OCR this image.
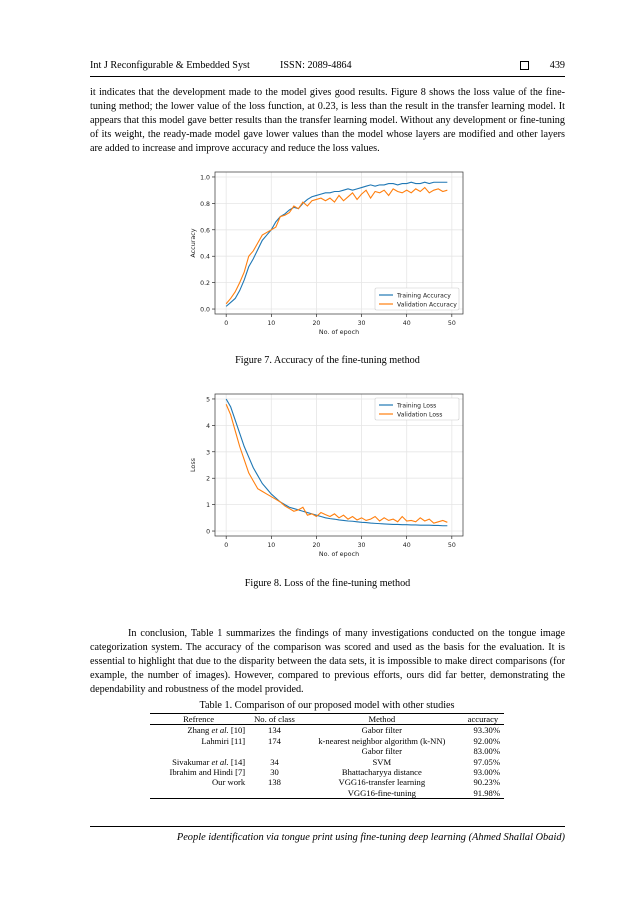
Int J Reconfigurable & Embedded Syst	ISSN: 2089-4864	439
it indicates that the development made to the model gives good results. Figure 8 shows the loss value of the fine-tuning method; the lower value of the loss function, at 0.23, is less than the result in the transfer learning model. It appears that this model gave better results than the transfer learning model. Without any development or fine-tuning of its weight, the ready-made model gave lower values than the model whose layers are modified and other layers are added to increase and improve accuracy and reduce the loss values.
0.0
0.2
0.4
0.6
0.8
1.0
0	10	20	30	40	50
No. of epoch
Accuracy
Training Accuracy
Validation Accuracy
Figure 7. Accuracy of the fine-tuning method
0
1
2
3
4
5
0	10	20	30	40	50
No. of epoch
Loss
Training Loss
Validation Loss
Figure 8. Loss of the fine-tuning method
In conclusion, Table 1 summarizes the findings of many investigations conducted on the tongue image categorization system. The accuracy of the comparison was scored and used as the basis for the evaluation. It is essential to highlight that due to the disparity between the data sets, it is impossible to make direct comparisons (for example, the number of images). However, compared to previous efforts, ours did far better, demonstrating the dependability and robustness of the model provided.
Table 1. Comparison of our proposed model with other studies
Refrence	No. of class	Method	accuracy
Zhang et al. [10]	134	Gabor filter	93.30%
Lahmiri [11]	174	k-nearest neighbor algorithm (k-NN)	92.00%
		Gabor filter	83.00%
Sivakumar et al. [14]	34	SVM	97.05%
Ibrahim and Hindi [7]	30	Bhattacharyya distance	93.00%
Our work	138	VGG16-transfer learning	90.23%
		VGG16-fine-tuning	91.98%
People identification via tongue print using fine-tuning deep learning (Ahmed Shallal Obaid)
